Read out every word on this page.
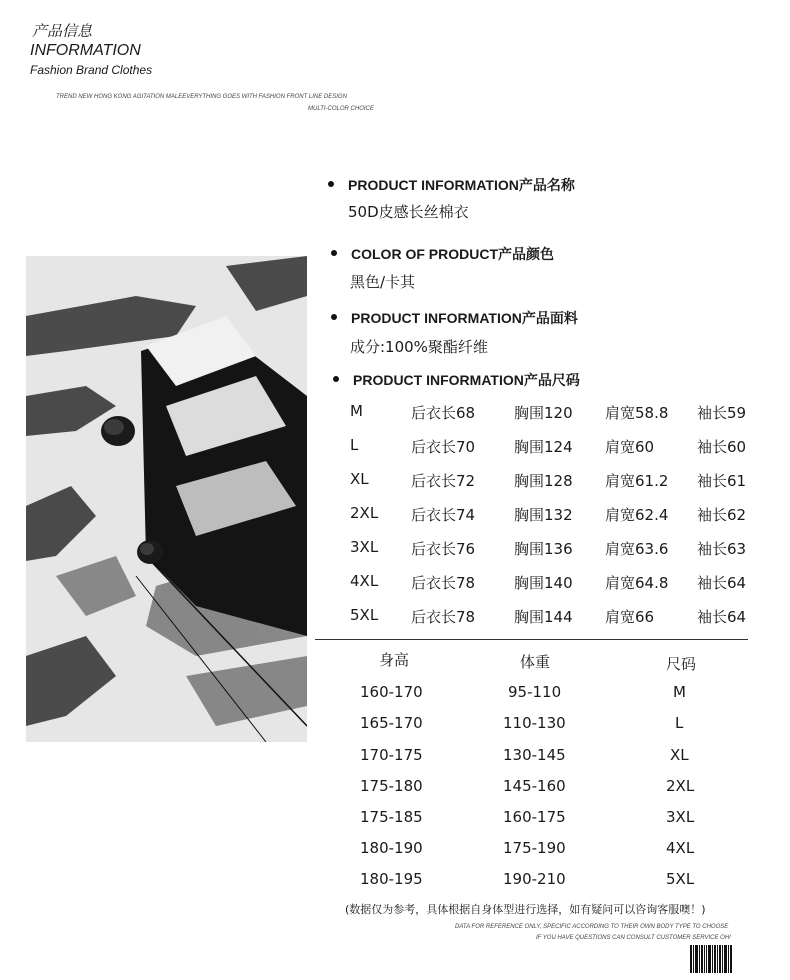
产品信息
INFORMATION
Fashion Brand Clothes
TREND NEW HONG KONG AGITATION MALEEVERYTHING GOES WITH FASHION FRONT LINE DESIGN
MULTI-COLOR CHOICE
PRODUCT INFORMATION产品名称
50D皮感长丝棉衣
COLOR OF PRODUCT产品颜色
黑色/卡其
PRODUCT INFORMATION产品面料
成分:100%聚酯纤维
PRODUCT INFORMATION产品尺码
M	后衣长68	胸围120 肩宽58.8 袖长59
L	后衣长70	胸围124 肩宽60	袖长60
XL	后衣长72	胸围128 肩宽61.2 袖长61
2XL 后衣长74	胸围132 肩宽62.4 袖长62
3XL 后衣长76	胸围136 肩宽63.6 袖长63
4XL 后衣长78	胸围140 肩宽64.8 袖长64
5XL 后衣长78	胸围144 肩宽66	袖长64
身高	体重	尺码
160-170	95-110	M
165-170	110-130	L
170-175	130-145	XL
175-180	145-160	2XL
175-185	160-175	3XL
180-190	175-190	4XL
180-195	190-210	5XL
(数据仅为参考，具体根据自身体型进行选择，如有疑问可以咨询客服噢！)
DATA FOR REFERENCE ONLY, SPECIFIC ACCORDING TO THEIR OWN BODY TYPE TO CHOOSE
IF YOU HAVE QUESTIONS CAN CONSULT CUSTOMER SERVICE OH!
